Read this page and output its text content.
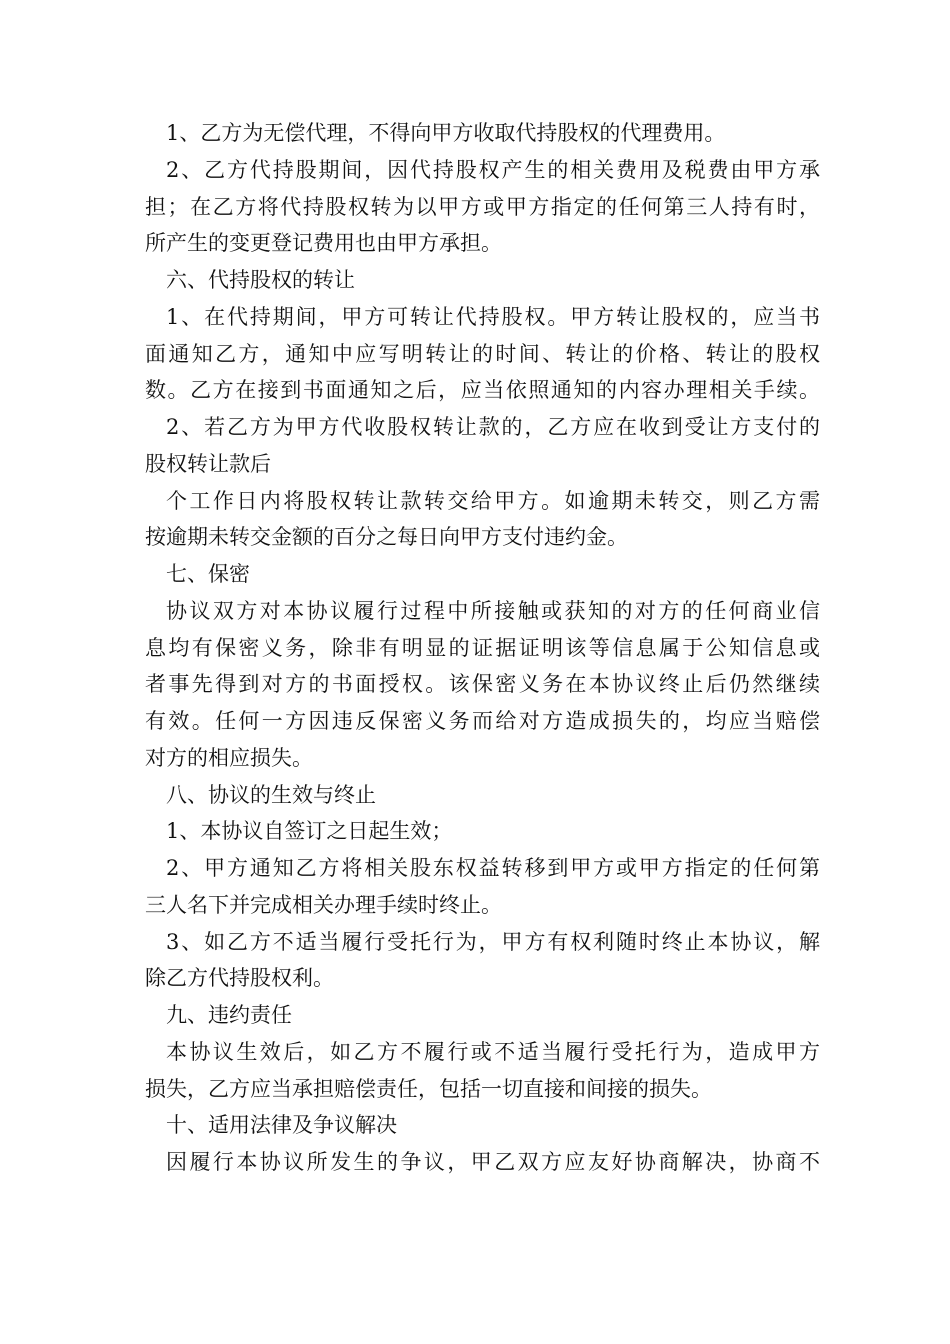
1、乙方为无偿代理，不得向甲方收取代持股权的代理费用。
2、乙方代持股期间，因代持股权产生的相关费用及税费由甲方承
担；在乙方将代持股权转为以甲方或甲方指定的任何第三人持有时，
所产生的变更登记费用也由甲方承担。
六、代持股权的转让
1、在代持期间，甲方可转让代持股权。甲方转让股权的，应当书
面通知乙方，通知中应写明转让的时间、转让的价格、转让的股权
数。乙方在接到书面通知之后，应当依照通知的内容办理相关手续。
2、若乙方为甲方代收股权转让款的，乙方应在收到受让方支付的
股权转让款后
个工作日内将股权转让款转交给甲方。如逾期未转交，则乙方需
按逾期未转交金额的百分之每日向甲方支付违约金。
七、保密
协议双方对本协议履行过程中所接触或获知的对方的任何商业信
息均有保密义务，除非有明显的证据证明该等信息属于公知信息或
者事先得到对方的书面授权。该保密义务在本协议终止后仍然继续
有效。任何一方因违反保密义务而给对方造成损失的，均应当赔偿
对方的相应损失。
八、协议的生效与终止
1、本协议自签订之日起生效；
2、甲方通知乙方将相关股东权益转移到甲方或甲方指定的任何第
三人名下并完成相关办理手续时终止。
3、如乙方不适当履行受托行为，甲方有权利随时终止本协议，解
除乙方代持股权利。
九、违约责任
本协议生效后，如乙方不履行或不适当履行受托行为，造成甲方
损失，乙方应当承担赔偿责任，包括一切直接和间接的损失。
十、适用法律及争议解决
因履行本协议所发生的争议，甲乙双方应友好协商解决，协商不
